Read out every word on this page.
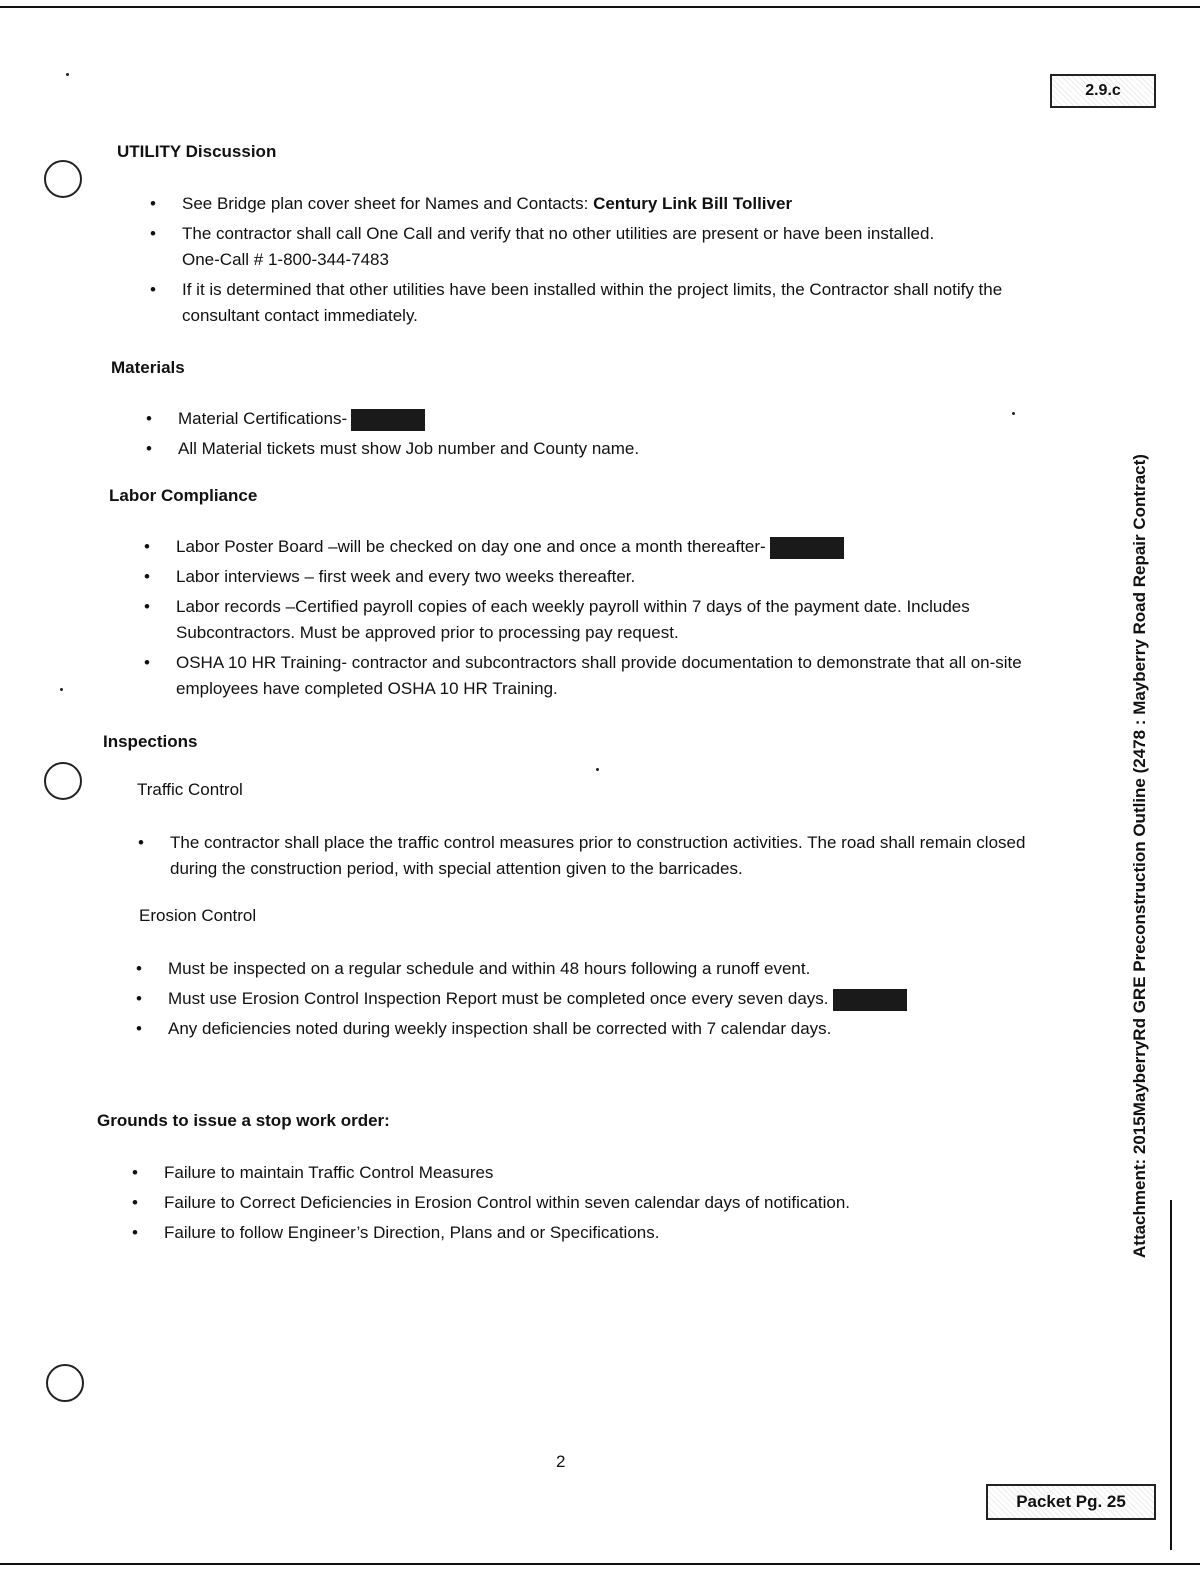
2.9.c
Attachment: 2015MayberryRd GRE Preconstruction Outline (2478 : Mayberry Road Repair Contract)
UTILITY Discussion
• See Bridge plan cover sheet for Names and Contacts: Century Link Bill Tolliver
• The contractor shall call One Call and verify that no other utilities are present or have been installed.
One-Call # 1-800-344-7483
• If it is determined that other utilities have been installed within the project limits, the Contractor shall notify the consultant contact immediately.
Materials
• Material Certifications-
• All Material tickets must show Job number and County name.
Labor Compliance
• Labor Poster Board –will be checked on day one and once a month thereafter-
• Labor interviews – first week and every two weeks thereafter.
• Labor records –Certified payroll copies of each weekly payroll within 7 days of the payment date. Includes Subcontractors. Must be approved prior to processing pay request.
• OSHA 10 HR Training- contractor and subcontractors shall provide documentation to demonstrate that all on-site employees have completed OSHA 10 HR Training.
Inspections
Traffic Control
• The contractor shall place the traffic control measures prior to construction activities. The road shall remain closed during the construction period, with special attention given to the barricades.
Erosion Control
• Must be inspected on a regular schedule and within 48 hours following a runoff event.
• Must use Erosion Control Inspection Report must be completed once every seven days.
• Any deficiencies noted during weekly inspection shall be corrected with 7 calendar days.
Grounds to issue a stop work order:
• Failure to maintain Traffic Control Measures
• Failure to Correct Deficiencies in Erosion Control within seven calendar days of notification.
• Failure to follow Engineer’s Direction, Plans and or Specifications.
2
Packet Pg. 25
